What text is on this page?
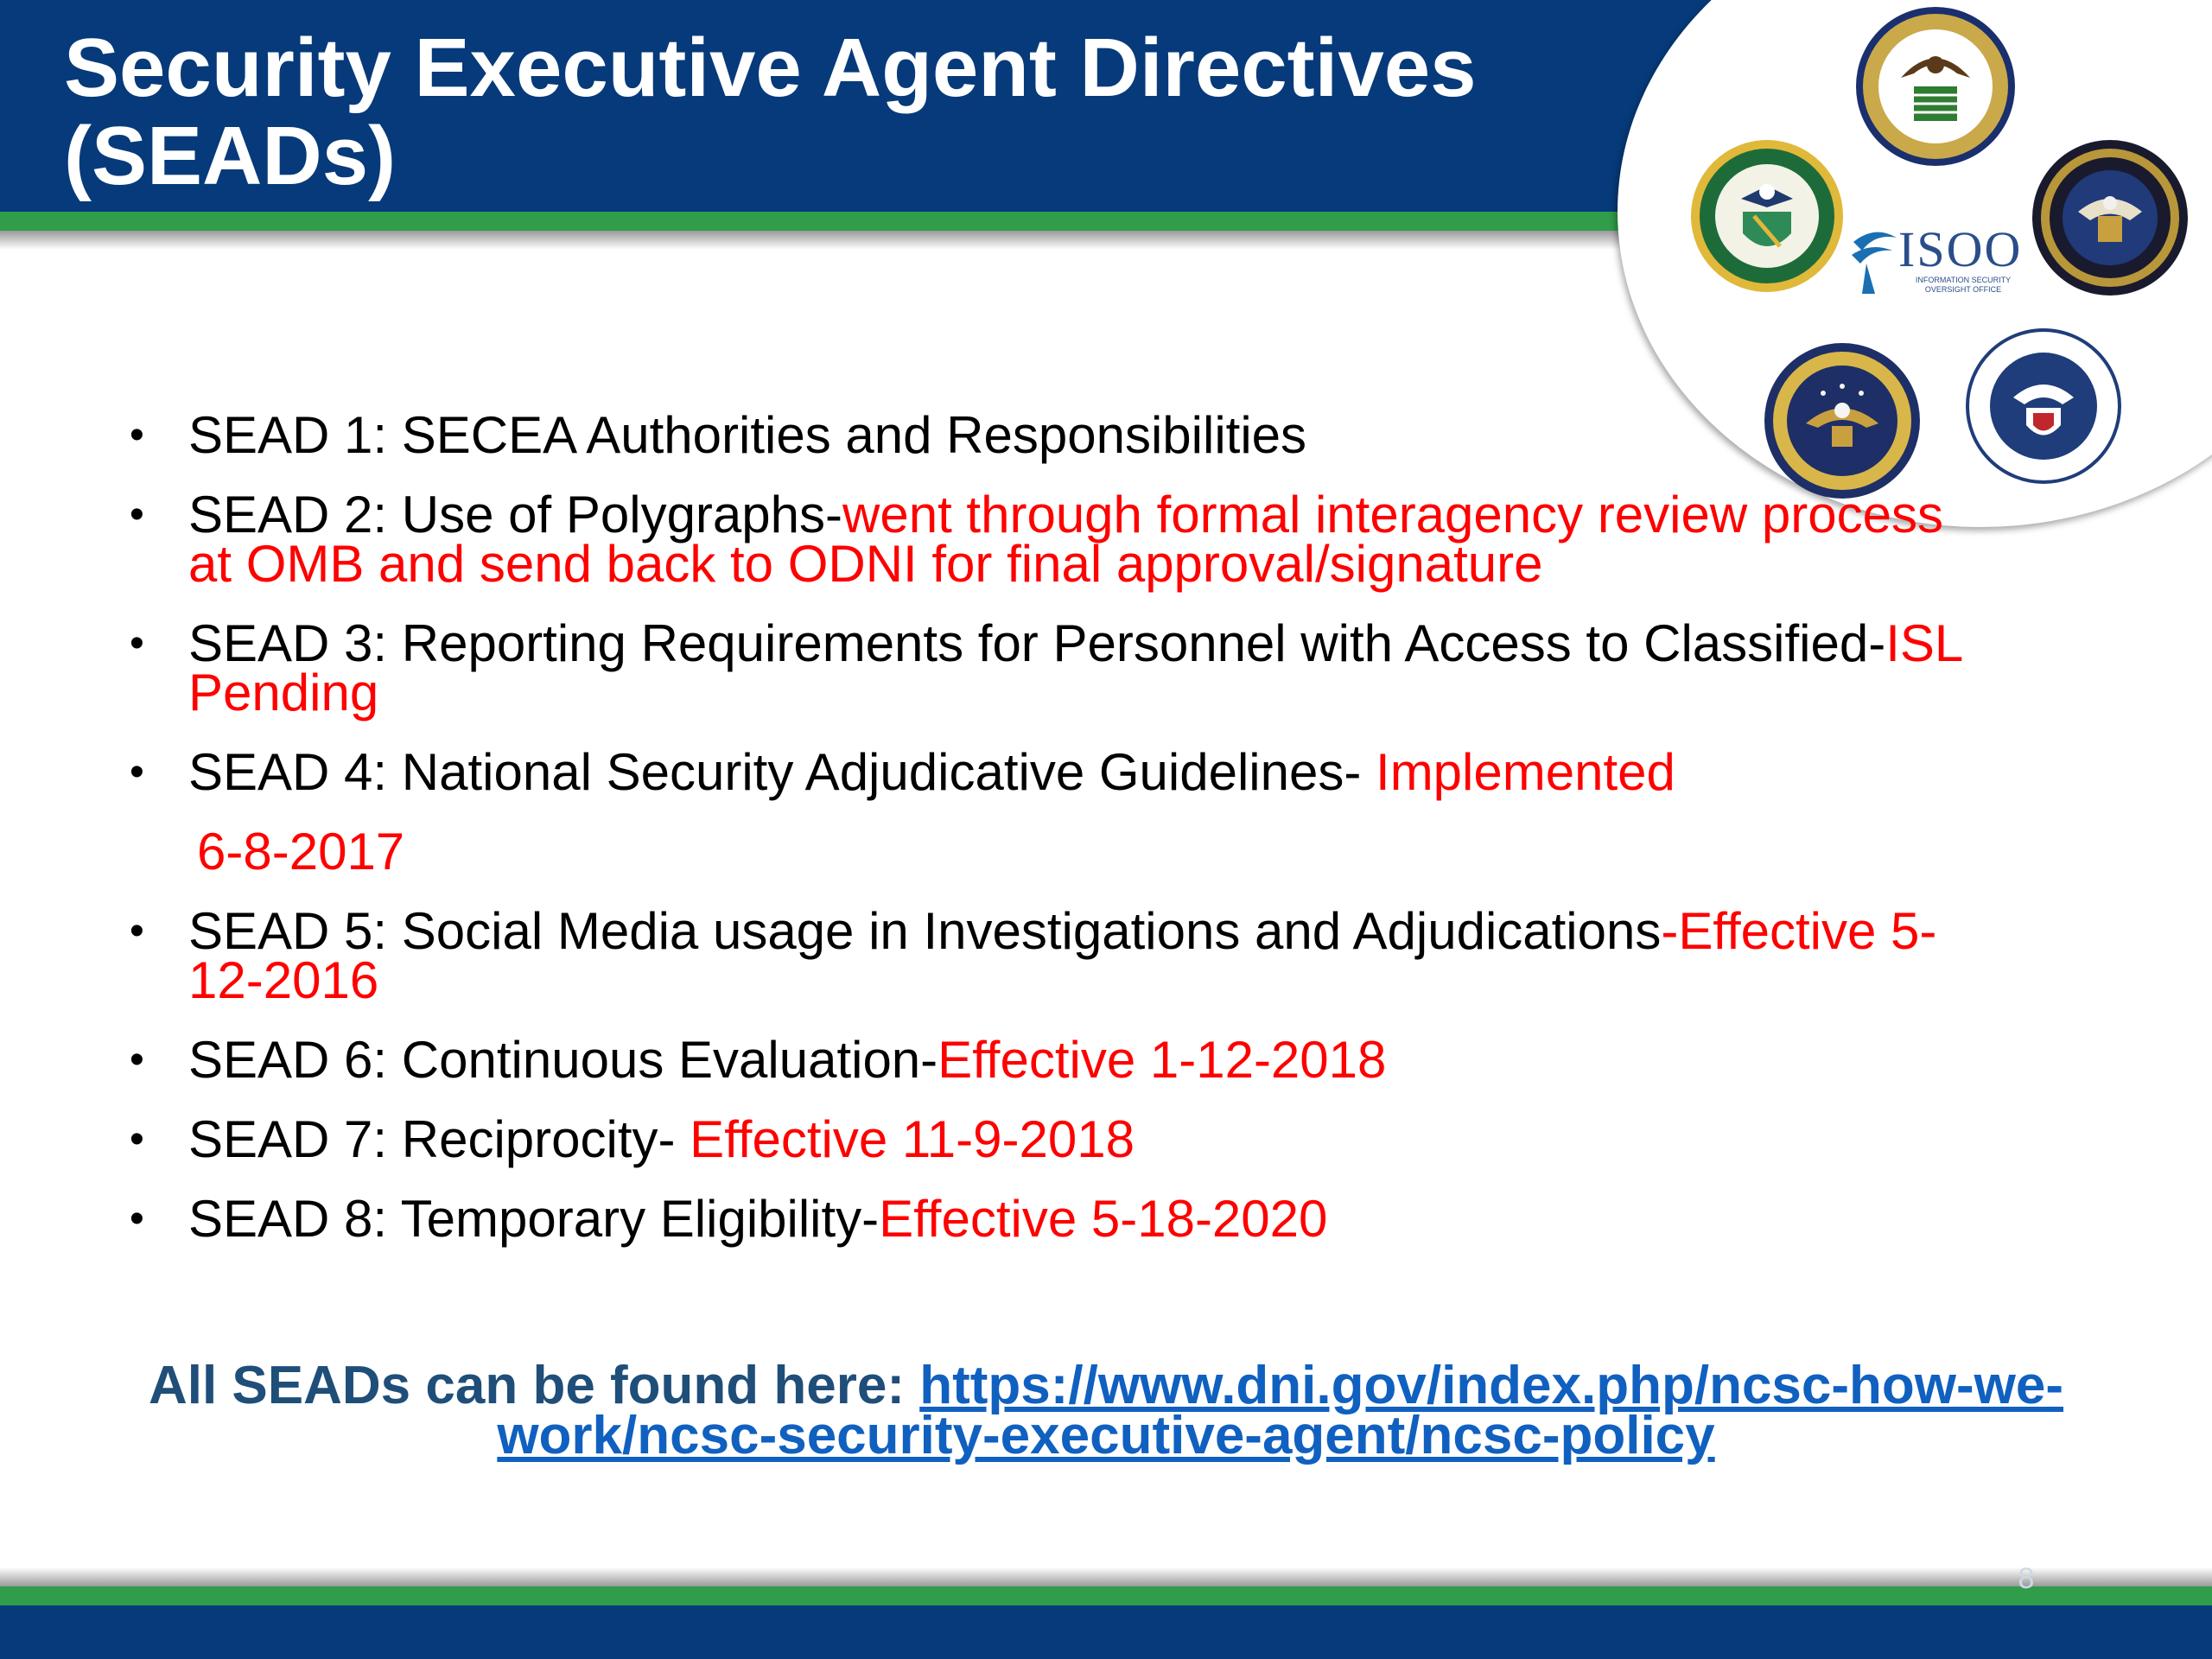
Security Executive Agent Directives (SEADs)
ISOO
INFORMATION SECURITY OVERSIGHT OFFICE
• SEAD 1: SECEA Authorities and Responsibilities
• SEAD 2: Use of Polygraphs-went through formal interagency review process at OMB and send back to ODNI for final approval/signature
• SEAD 3: Reporting Requirements for Personnel with Access to Classified-ISL Pending
• SEAD 4: National Security Adjudicative Guidelines- Implemented
6-8-2017
• SEAD 5: Social Media usage in Investigations and Adjudications-Effective 5-12-2016
• SEAD 6: Continuous Evaluation-Effective 1-12-2018
• SEAD 7: Reciprocity- Effective 11-9-2018
• SEAD 8: Temporary Eligibility-Effective 5-18-2020
All SEADs can be found here: https://www.dni.gov/index.php/ncsc-how-we-work/ncsc-security-executive-agent/ncsc-policy
8
